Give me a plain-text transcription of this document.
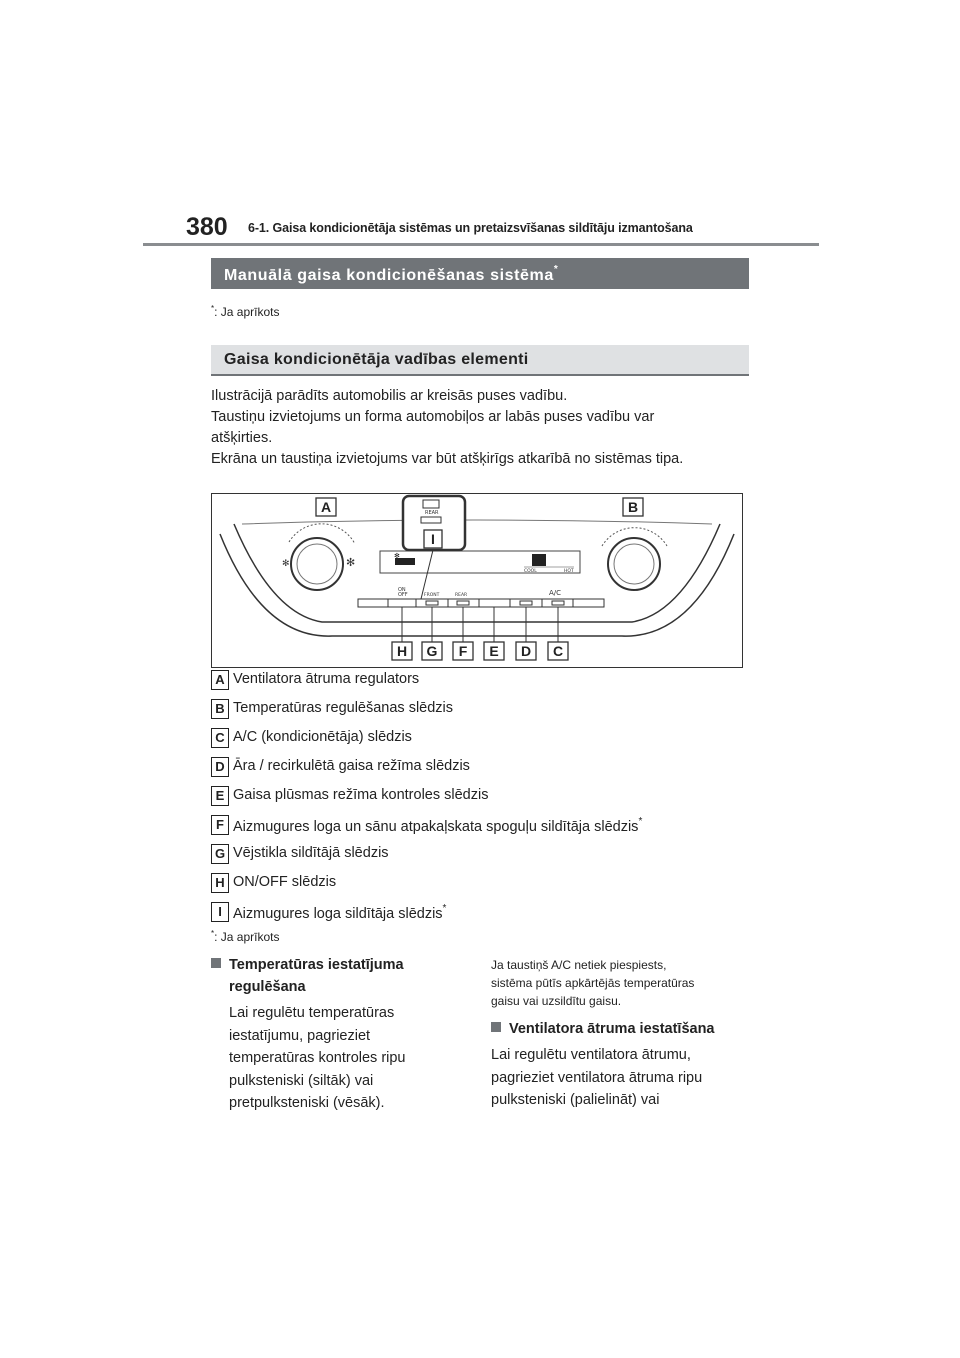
380 6-1. Gaisa kondicionētāja sistēmas un pretaizsvīšanas sildītāju izmantošana
Manuālā gaisa kondicionēšanas sistēma*
*: Ja aprīkots
Gaisa kondicionētāja vadības elementi

Ilustrācijā parādīts automobilis ar kreisās puses vadību.

Taustiņu izvietojums un forma automobiļos ar labās puses vadību var

atšķirties.

Ekrāna un taustiņa izvietojums var būt atšķirīgs atkarībā no sistēmas tipa.

✻	✻	✻
COOL	HOT
ON
OFF	FRONT	REAR	A/C
REAR
A	B
I
H G F E D C
A Ventilatora ātruma regulators
B Temperatūras regulēšanas slēdzis
C A/C (kondicionētāja) slēdzis
D Āra / recirkulētā gaisa režīma slēdzis
E Gaisa plūsmas režīma kontroles slēdzis
F Aizmugures loga un sānu atpakaļskata spoguļu sildītāja slēdzis*
G Vējstikla sildītājā slēdzis
H ON/OFF slēdzis
I Aizmugures loga sildītāja slēdzis*
*: Ja aprīkots
Temperatūras iestatījuma
regulēšana
Lai regulētu temperatūras
iestatījumu, pagrieziet
temperatūras kontroles ripu
pulksteniski (siltāk) vai
pretpulksteniski (vēsāk).
Ja taustiņš A/C netiek piespiests,
sistēma pūtīs apkārtējās temperatūras
gaisu vai uzsildītu gaisu.
Ventilatora ātruma iestatīšana
Lai regulētu ventilatora ātrumu,
pagrieziet ventilatora ātruma ripu
pulksteniski (palielināt) vai
